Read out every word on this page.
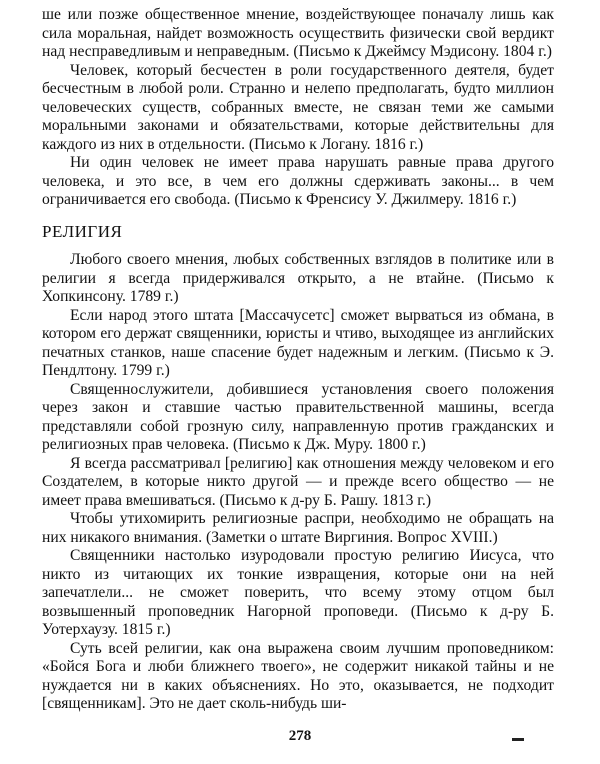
ше или позже общественное мнение, воздействующее поначалу лишь как сила моральная, найдет возможность осуществить физически свой вердикт над несправедливым и неправедным. (Письмо к Джеймсу Мэдисону. 1804 г.)

Человек, который бесчестен в роли государственного деятеля, будет бесчестным в любой роли. Странно и нелепо предполагать, будто миллион человеческих существ, собранных вместе, не связан теми же самыми моральными законами и обязательствами, которые действительны для каждого из них в отдельности. (Письмо к Логану. 1816 г.)

Ни один человек не имеет права нарушать равные права другого человека, и это все, в чем его должны сдерживать законы... в чем ограничивается его свобода. (Письмо к Френсису У. Джилмеру. 1816 г.)

РЕЛИГИЯ

Любого своего мнения, любых собственных взглядов в политике или в религии я всегда придерживался открыто, а не втайне. (Письмо к Хопкинсону. 1789 г.)

Если народ этого штата [Массачусетс] сможет вырваться из обмана, в котором его держат священники, юристы и чтиво, выходящее из английских печатных станков, наше спасение будет надежным и легким. (Письмо к Э. Пендлтону. 1799 г.)

Священнослужители, добившиеся установления своего положения через закон и ставшие частью правительственной машины, всегда представляли собой грозную силу, направленную против гражданских и религиозных прав человека. (Письмо к Дж. Муру. 1800 г.)

Я всегда рассматривал [религию] как отношения между человеком и его Создателем, в которые никто другой — и прежде всего общество — не имеет права вмешиваться. (Письмо к д-ру Б. Рашу. 1813 г.)

Чтобы утихомирить религиозные распри, необходимо не обращать на них никакого внимания. (Заметки о штате Виргиния. Вопрос XVIII.)

Священники настолько изуродовали простую религию Иисуса, что никто из читающих их тонкие извращения, которые они на ней запечатлели... не сможет поверить, что всему этому отцом был возвышенный проповедник Нагорной проповеди. (Письмо к д-ру Б. Уотерхаузу. 1815 г.)

Суть всей религии, как она выражена своим лучшим проповедником: «Бойся Бога и люби ближнего твоего», не содержит никакой тайны и не нуждается ни в каких объяснениях. Но это, оказывается, не подходит [священникам]. Это не дает сколь-нибудь ши-

278
